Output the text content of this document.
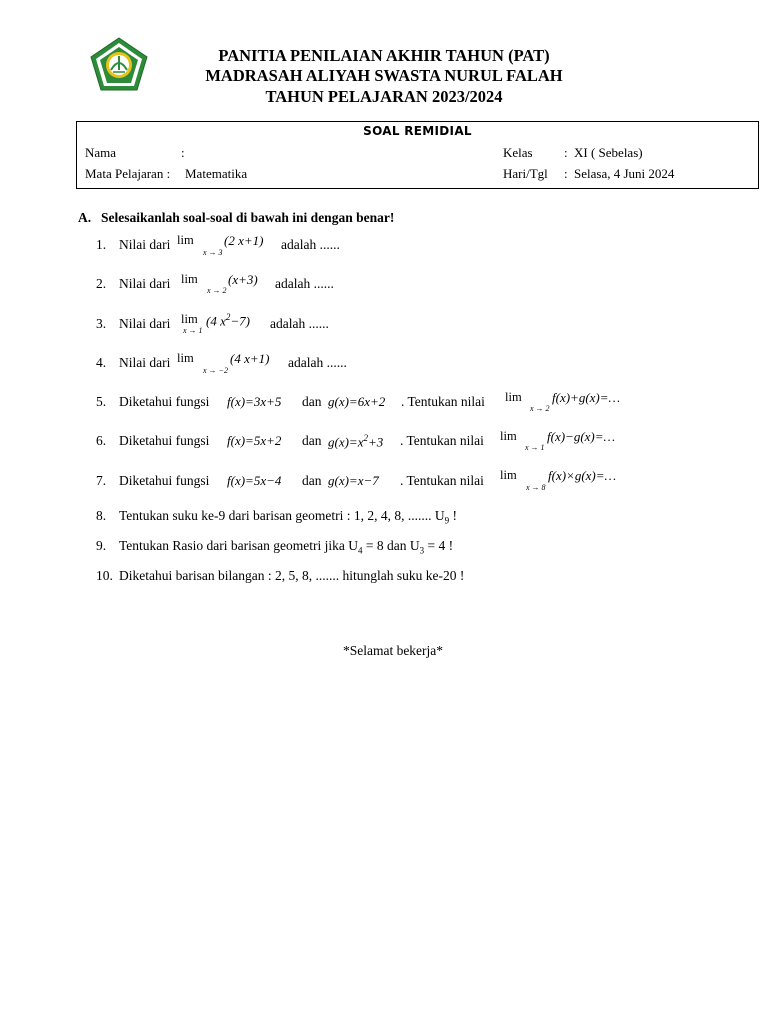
PANITIA PENILAIAN AKHIR TAHUN (PAT)
MADRASAH ALIYAH SWASTA NURUL FALAH
TAHUN PELAJARAN 2023/2024
SOAL REMIDIAL
Nama	:
Mata Pelajaran : Matematika
Kelas : XI ( Sebelas)
Hari/Tgl : Selasa, 4 Juni 2024
A. Selesaikanlah soal-soal di bawah ini dengan benar!
1. Nilai dari lim
x → 3
(2 x+1) adalah ......
2. Nilai dari lim
x → 2
(x+3) adalah ......
3. Nilai dari lim
x → 1
(4 $x^2-7$) adalah ......
4. Nilai dari lim
x → −2
(4 x+1) adalah ......
5. Diketahui fungsi f(x)=3x+5 dan g(x)=6x+2 . Tentukan nilai lim
x → 2
f(x)+g(x)=…
6. Diketahui fungsi f(x)=5x+2 dan $g(x)=x^2+3$ . Tentukan nilai lim
x → 1
f(x)−g(x)=…
7. Diketahui fungsi f(x)=5x−4 dan g(x)=x−7 . Tentukan nilai lim
x → 8
f(x)×g(x)=…
8. Tentukan suku ke-9 dari barisan geometri : 1, 2, 4, 8, ....... $U_9$ !
9. Tentukan Rasio dari barisan geometri jika $U_4 = 8$ dan $U_3 = 4$ !
10. Diketahui barisan bilangan : 2, 5, 8, ....... hitunglah suku ke-20 !
*Selamat bekerja*
